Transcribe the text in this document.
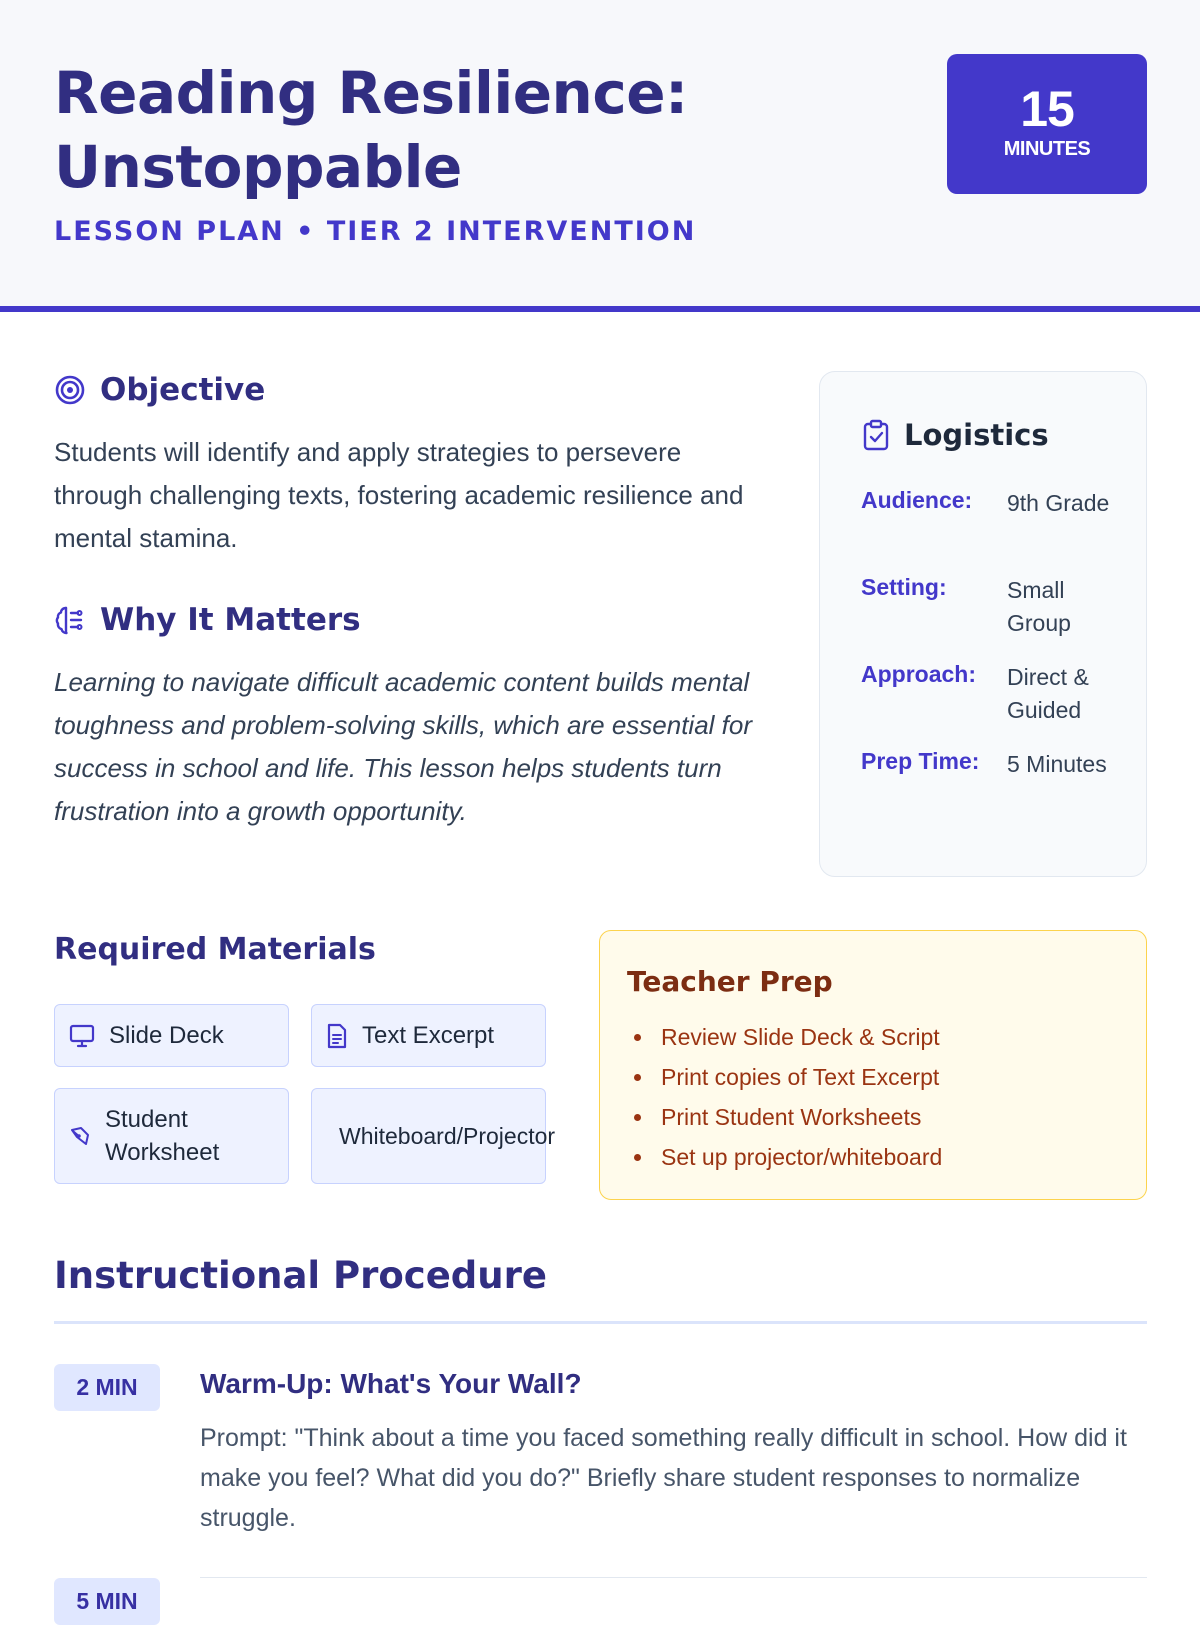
Reading Resilience: Unstoppable
LESSON PLAN • TIER 2 INTERVENTION
15
MINUTES
Objective
Students will identify and apply strategies to persevere through challenging texts, fostering academic resilience and mental stamina.
Why It Matters
Learning to navigate difficult academic content builds mental toughness and problem-solving skills, which are essential for success in school and life. This lesson helps students turn frustration into a growth opportunity.
Logistics
Audience: 9th Grade
Setting:	Small Group
Approach: Direct & Guided
Prep Time: 5 Minutes
Required Materials
Slide Deck	Text Excerpt
Student Worksheet
Whiteboard/Projector
Teacher Prep
Review Slide Deck & Script
Print copies of Text Excerpt
Print Student Worksheets
Set up projector/whiteboard
Instructional Procedure
2 MIN	Warm-Up: What's Your Wall?
Prompt: "Think about a time you faced something really difficult in school. How did it make you feel? What did you do?" Briefly share student responses to normalize struggle.
5 MIN
